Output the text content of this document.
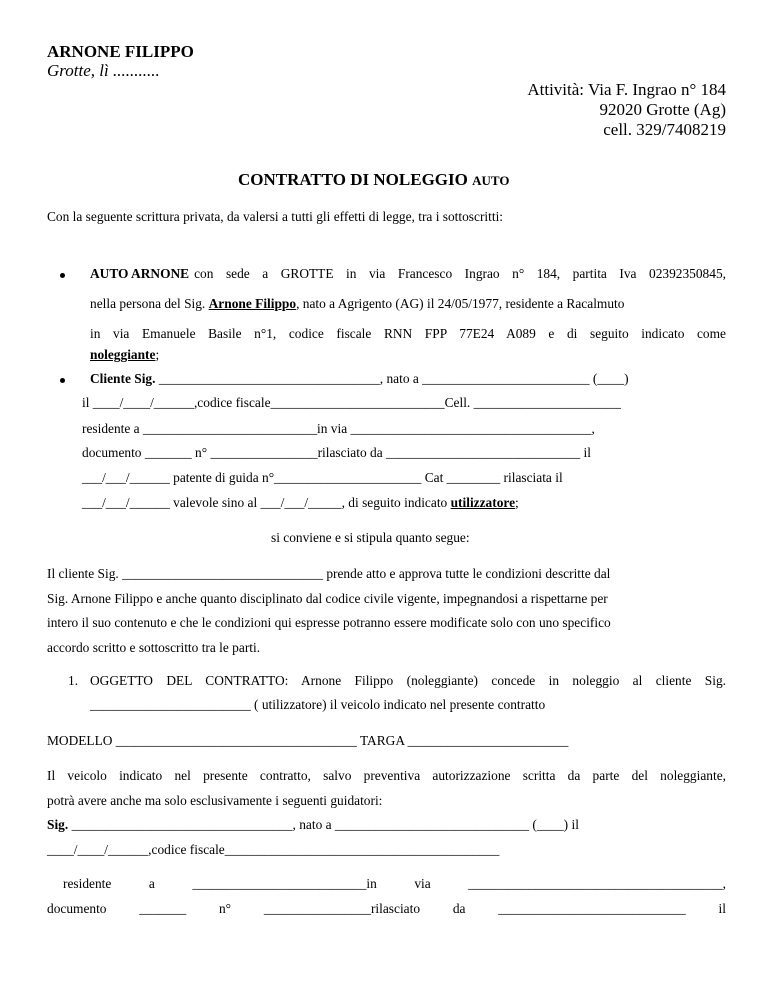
ARNONE FILIPPO
Grotte, lì ...........
Attività: Via F. Ingrao n° 184
92020 Grotte (Ag)
cell. 329/7408219
CONTRATTO DI NOLEGGIO AUTO
Con la seguente scrittura privata, da valersi a tutti gli effetti di legge, tra i sottoscritti:
AUTO ARNONE con sede a GROTTE in via Francesco Ingrao n° 184, partita Iva 02392350845,
nella persona del Sig. Arnone Filippo, nato a Agrigento (AG) il 24/05/1977, residente a Racalmuto
in via Emanuele Basile n°1, codice fiscale RNN FPP 77E24 A089 e di seguito indicato come
noleggiante;
Cliente Sig. _________________________________, nato a _________________________ (____)
il ____/____/______,codice fiscale__________________________Cell. ______________________
residente a __________________________in via ____________________________________,
documento _______ n° ________________rilasciato da _____________________________ il
___/___/______ patente di guida n°______________________ Cat ________ rilasciata il
___/___/______ valevole sino al ___/___/_____, di seguito indicato utilizzatore;
si conviene e si stipula quanto segue:
Il cliente Sig. ______________________________ prende atto e approva tutte le condizioni descritte dal
Sig. Arnone Filippo e anche quanto disciplinato dal codice civile vigente, impegnandosi a rispettarne per
intero il suo contenuto e che le condizioni qui espresse potranno essere modificate solo con uno specifico
accordo scritto e sottoscritto tra le parti.
1. OGGETTO DEL CONTRATTO: Arnone Filippo (noleggiante) concede in noleggio al cliente Sig.
________________________ ( utilizzatore) il veicolo indicato nel presente contratto
MODELLO ____________________________________ TARGA ________________________
Il veicolo indicato nel presente contratto, salvo preventiva autorizzazione scritta da parte del noleggiante,
potrà avere anche ma solo esclusivamente i seguenti guidatori:
Sig. _________________________________, nato a _____________________________ (____) il
____/____/______,codice fiscale_________________________________________
residente	a	__________________________in	via	______________________________________,
documento _______ n° ________________rilasciato da ____________________________ il
